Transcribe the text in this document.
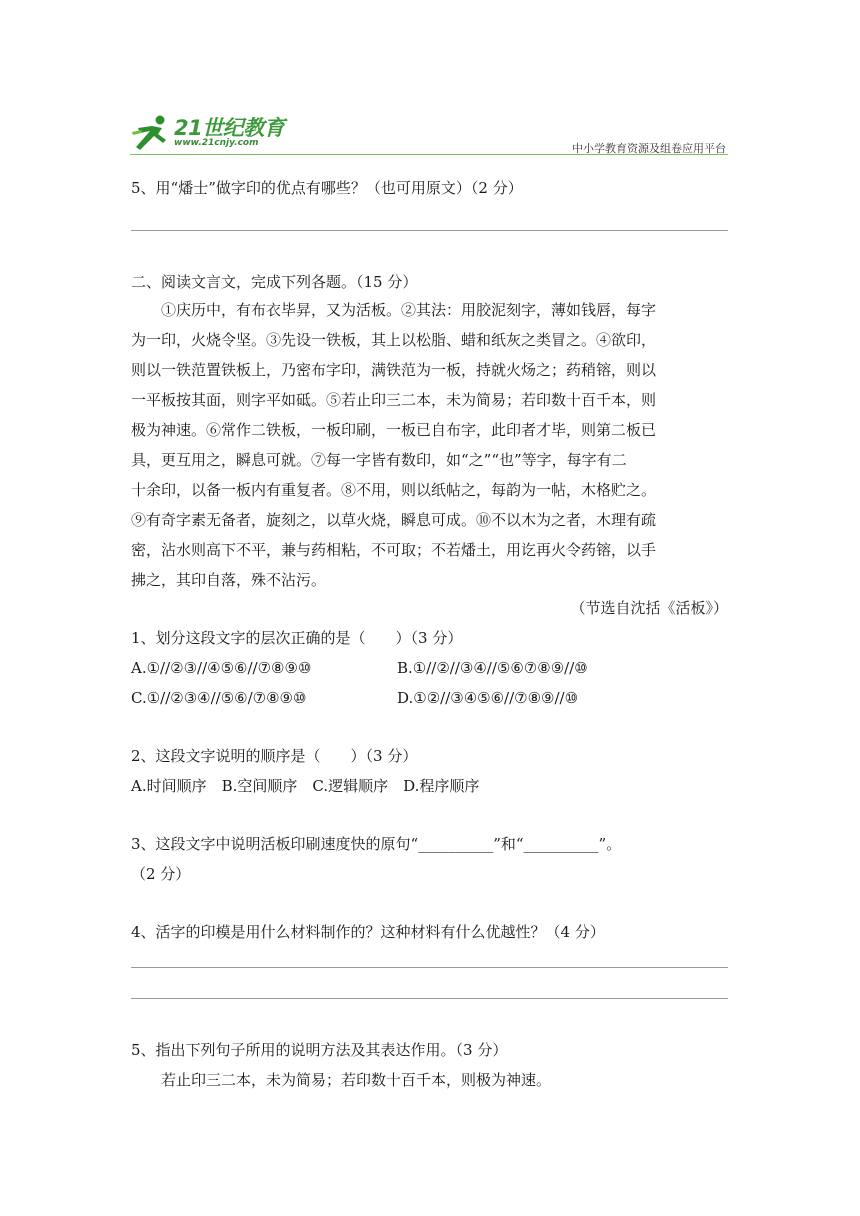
21世纪教育
www.21cnjy.com	中小学教育资源及组卷应用平台
5、用“燔士”做字印的优点有哪些？（也可用原文）（2 分）
二、阅读文言文，完成下列各题。（15 分）
①庆历中，有布衣毕昇，又为活板。②其法：用胶泥刻字，薄如钱唇，每字
为一印，火烧令坚。③先设一铁板，其上以松脂、蜡和纸灰之类冒之。④欲印，
则以一铁范置铁板上，乃密布字印，满铁范为一板，持就火炀之；药稍镕，则以
一平板按其面，则字平如砥。⑤若止印三二本，未为简易；若印数十百千本，则
极为神速。⑥常作二铁板，一板印刷，一板已自布字，此印者才毕，则第二板已
具，更互用之，瞬息可就。⑦每一字皆有数印，如“之”“也”等字，每字有二
十余印，以备一板内有重复者。⑧不用，则以纸帖之，每韵为一帖，木格贮之。
⑨有奇字素无备者，旋刻之，以草火烧，瞬息可成。⑩不以木为之者，木理有疏
密，沾水则高下不平，兼与药相粘，不可取；不若燔土，用讫再火令药镕，以手
拂之，其印自落，殊不沾污。
（节选自沈括《活板》）
1、划分这段文字的层次正确的是（　　）（3 分）
A.①//②③//④⑤⑥//⑦⑧⑨⑩	B.①//②//③④//⑤⑥⑦⑧⑨//⑩
C.①//②③④//⑤⑥/⑦⑧⑨⑩	D.①②//③④⑤⑥//⑦⑧⑨//⑩
2、这段文字说明的顺序是（　　）（3 分）
A.时间顺序　B.空间顺序　C.逻辑顺序　D.程序顺序
3、这段文字中说明活板印刷速度快的原句“__________”和“__________”。
（2 分）
4、活字的印模是用什么材料制作的？这种材料有什么优越性？（4 分）
5、指出下列句子所用的说明方法及其表达作用。（3 分）
若止印三二本，未为简易；若印数十百千本，则极为神速。
